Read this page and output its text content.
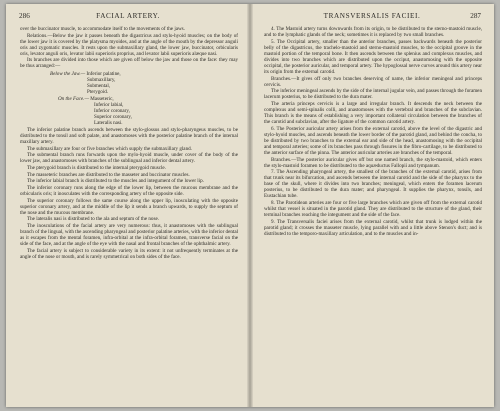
FACIAL ARTERY.
286

over the buccinator muscle, to accommodate itself to the movements of the jaws.

Relations.—Below the jaw it passes beneath the digastricus and stylo-hyoid muscles; on the body of the lower jaw it is covered by the platysma myoides, and at the angle of the mouth by the depressor anguli oris and zygomatic muscles. It rests upon the submaxillary gland, the lower jaw, buccinator, orbicularis oris, levator anguli oris, levator labii superioris proprius, and levator labii superioris alæque nasi.

Its branches are divided into those which are given off below the jaw and those on the face: they may be thus arranged:—

Below the Jaw.— Inferior palatine,
Submaxillary,
Submental,
Pterygoid.
On the Face.— Masseteric,
Inferior labial,
Inferior coronary,
Superior coronary,
Lateralis nasi.

The inferior palatine branch ascends between the stylo-glossus and stylo-pharyngeus muscles, to be distributed to the tonsil and soft palate, and anastomoses with the posterior palatine branch of the internal maxillary artery.

The submaxillary are four or five branches which supply the submaxillary gland.

The submental branch runs forwards upon the mylo-hyoid muscle, under cover of the body of the lower jaw, and anastomoses with branches of the sublingual and inferior dental artery.

The pterygoid branch is distributed to the internal pterygoid muscle.

The masseteric branches are distributed to the masseter and buccinator muscles.

The inferior labial branch is distributed to the muscles and integument of the lower lip.

The inferior coronary runs along the edge of the lower lip, between the mucous membrane and the orbicularis oris; it inosculates with the corresponding artery of the opposite side.

The superior coronary follows the same course along the upper lip, inosculating with the opposite superior coronary artery, and at the middle of the lip it sends a branch upwards, to supply the septum of the nose and the mucous membrane.

The lateralis nasi is distributed to the ala and septum of the nose.

The inosculations of the facial artery are very numerous: thus, it anastomoses with the sublingual branch of the lingual, with the ascending pharyngeal and posterior palatine arteries, with the inferior dental as it escapes from the mental foramen, infra-orbital at the infra-orbital foramen, transverse facial on the side of the face, and at the angle of the eye with the nasal and frontal branches of the ophthalmic artery.

The facial artery is subject to considerable variety in its extent: it not unfrequently terminates at the angle of the nose or mouth, and is rarely symmetrical on both sides of the face.

TRANSVERSALIS FACIEI.	287

4. The Mastoid artery turns downwards from its origin, to be distributed to the sterno-mastoid muscle, and to the lymphatic glands of the neck; sometimes it is replaced by two small branches.

5. The Occipital artery, smaller than the anterior branches, passes backwards beneath the posterior belly of the digastricus, the trachelo-mastoid and sterno-mastoid muscles, to the occipital groove in the mastoid portion of the temporal bone. It then ascends between the splenius and complexus muscles, and divides into two branches which are distributed upon the occiput, anastomosing with the opposite occipital, the posterior auricular, and temporal artery. The hypoglossal nerve curves around this artery near its origin from the external carotid.

Branches.—It gives off only two branches deserving of name, the inferior meningeal and princeps cervicis.

The inferior meningeal ascends by the side of the internal jugular vein, and passes through the foramen lacerum posterius, to be distributed to the dura mater.

The arteria princeps cervicis is a large and irregular branch. It descends the neck between the complexus and semi-spinalis colli, and anastomoses with the vertebral and branches of the subclavian. This branch is the means of establishing a very important collateral circulation between the branches of the carotid and subclavian, after the ligature of the common carotid artery.

6. The Posterior auricular artery arises from the external carotid, above the level of the digastric and stylo-hyoid muscles, and ascends beneath the lower border of the parotid gland, and behind the concha, to be distributed by two branches to the external ear and side of the head, anastomosing with the occipital and temporal arteries; some of its branches pass through fissures in the fibro-cartilage, to be distributed to the anterior surface of the pinna. The anterior auricular arteries are branches of the temporal.

Branches.—The posterior auricular gives off but one named branch, the stylo-mastoid, which enters the stylo-mastoid foramen to be distributed to the aquæductus Fallopii and tympanum.

7. The Ascending pharyngeal artery, the smallest of the branches of the external carotid, arises from that trunk near its bifurcation, and ascends between the internal carotid and the side of the pharynx to the base of the skull, where it divides into two branches; meningeal, which enters the foramen lacerum posterius, to be distributed to the dura mater; and pharyngeal. It supplies the pharynx, tonsils, and Eustachian tube.

8. The Parotidean arteries are four or five large branches which are given off from the external carotid whilst that vessel is situated in the parotid gland. They are distributed to the structure of the gland, their terminal branches reaching the integument and the side of the face.

9. The Transversalis faciei arises from the external carotid, whilst that trunk is lodged within the parotid gland; it crosses the masseter muscle, lying parallel with and a little above Stenon's duct; and is distributed to the temporo-maxillary articulation, and to the muscles and in-
